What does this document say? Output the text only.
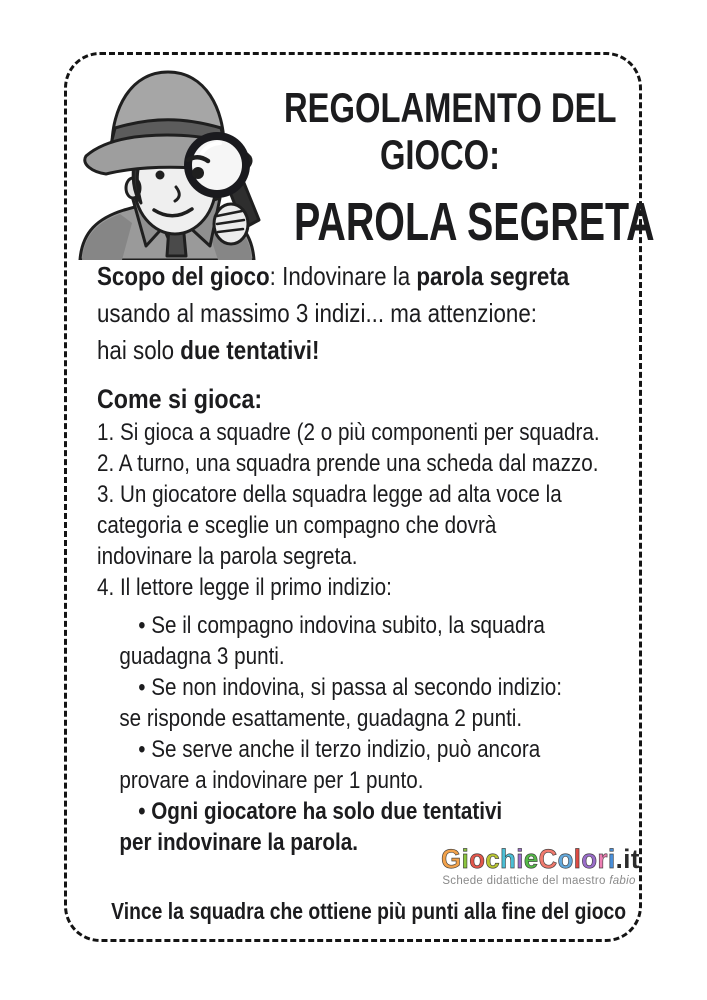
REGOLAMENTO DEL
GIOCO:
PAROLA SEGRETA
Scopo del gioco: Indovinare la parola segreta
usando al massimo 3 indizi... ma attenzione:
hai solo due tentativi!
Come si gioca:
1. Si gioca a squadre (2 o più componenti per squadra.
2. A turno, una squadra prende una scheda dal mazzo.
3. Un giocatore della squadra legge ad alta voce la
categoria e sceglie un compagno che dovrà
indovinare la parola segreta.
4. Il lettore legge il primo indizio:
• Se il compagno indovina subito, la squadra
guadagna 3 punti.
• Se non indovina, si passa al secondo indizio:
se risponde esattamente, guadagna 2 punti.
• Se serve anche il terzo indizio, può ancora
provare a indovinare per 1 punto.
• Ogni giocatore ha solo due tentativi
per indovinare la parola.
GiochieColori.it
Schede didattiche del maestro fabio
Vince la squadra che ottiene più punti alla fine del gioco
